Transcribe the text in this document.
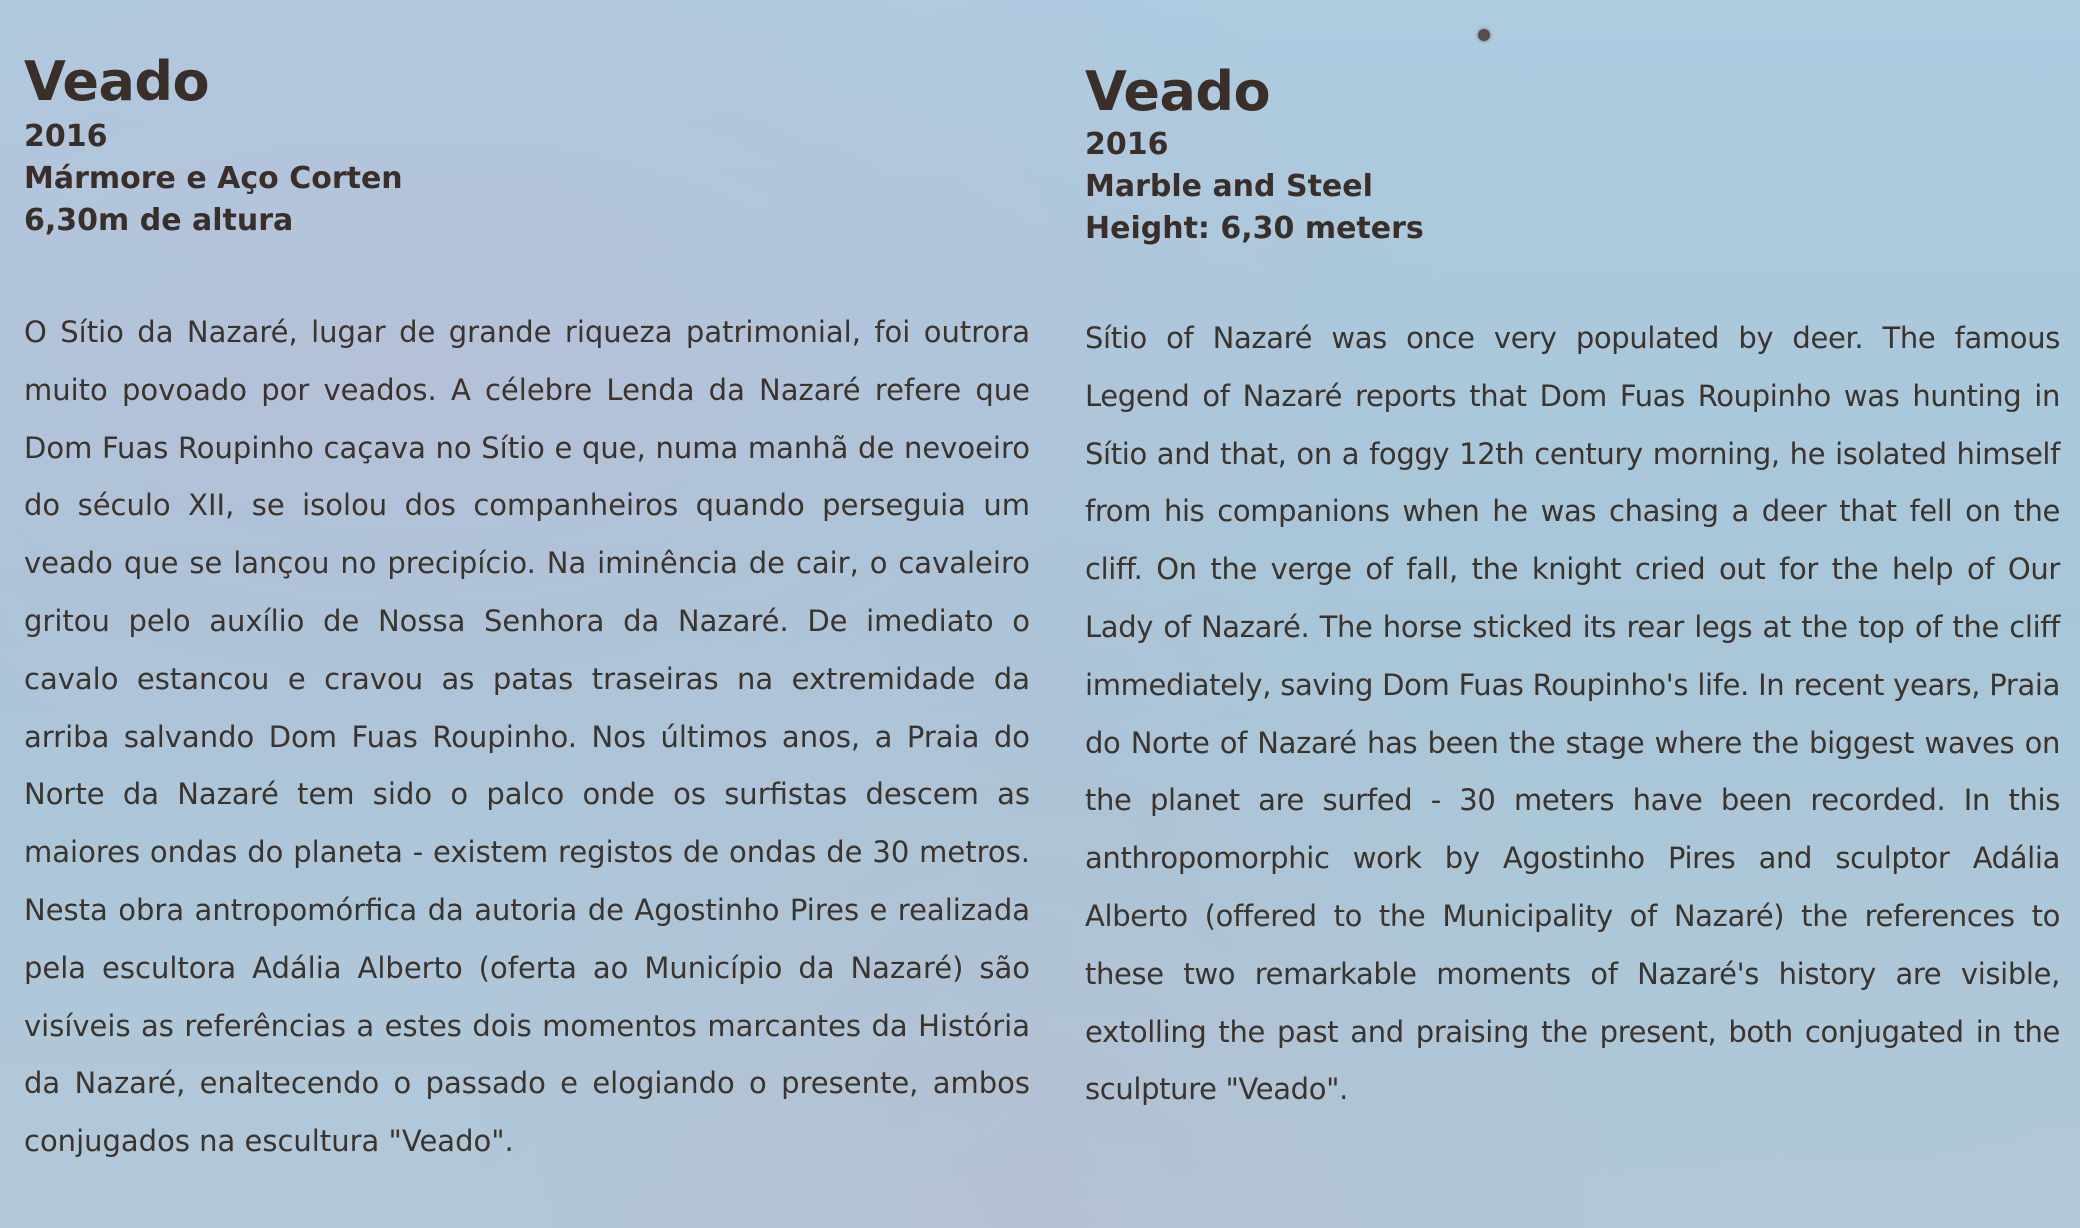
Veado

2016

Mármore e Aço Corten

6,30m de altura

O Sítio da Nazaré, lugar de grande riqueza patrimonial, foi outrora muito povoado por veados. A célebre Lenda da Nazaré refere que Dom Fuas Roupinho caçava no Sítio e que, numa manhã de nevoeiro do século XII, se isolou dos companheiros quando perseguia um veado que se lançou no precipício. Na iminência de cair, o cavaleiro gritou pelo auxílio de Nossa Senhora da Nazaré. De imediato o cavalo estancou e cravou as patas traseiras na extremidade da arriba salvando Dom Fuas Roupinho. Nos últimos anos, a Praia do Norte da Nazaré tem sido o palco onde os surfistas descem as maiores ondas do planeta - existem registos de ondas de 30 metros. Nesta obra antropomórfica da autoria de Agostinho Pires e realizada pela escultora Adália Alberto (oferta ao Município da Nazaré) são visíveis as referências a estes dois momentos marcantes da História da Nazaré, enaltecendo o passado e elogiando o presente, ambos conjugados na escultura "Veado".

Veado

2016

Marble and Steel

Height: 6,30 meters

Sítio of Nazaré was once very populated by deer. The famous Legend of Nazaré reports that Dom Fuas Roupinho was hunting in Sítio and that, on a foggy 12th century morning, he isolated himself from his companions when he was chasing a deer that fell on the cliff. On the verge of fall, the knight cried out for the help of Our Lady of Nazaré. The horse sticked its rear legs at the top of the cliff immediately, saving Dom Fuas Roupinho's life. In recent years, Praia do Norte of Nazaré has been the stage where the biggest waves on the planet are surfed - 30 meters have been recorded. In this anthropomorphic work by Agostinho Pires and sculptor Adália Alberto (offered to the Municipality of Nazaré) the references to these two remarkable moments of Nazaré's history are visible, extolling the past and praising the present, both conjugated in the sculpture "Veado".
